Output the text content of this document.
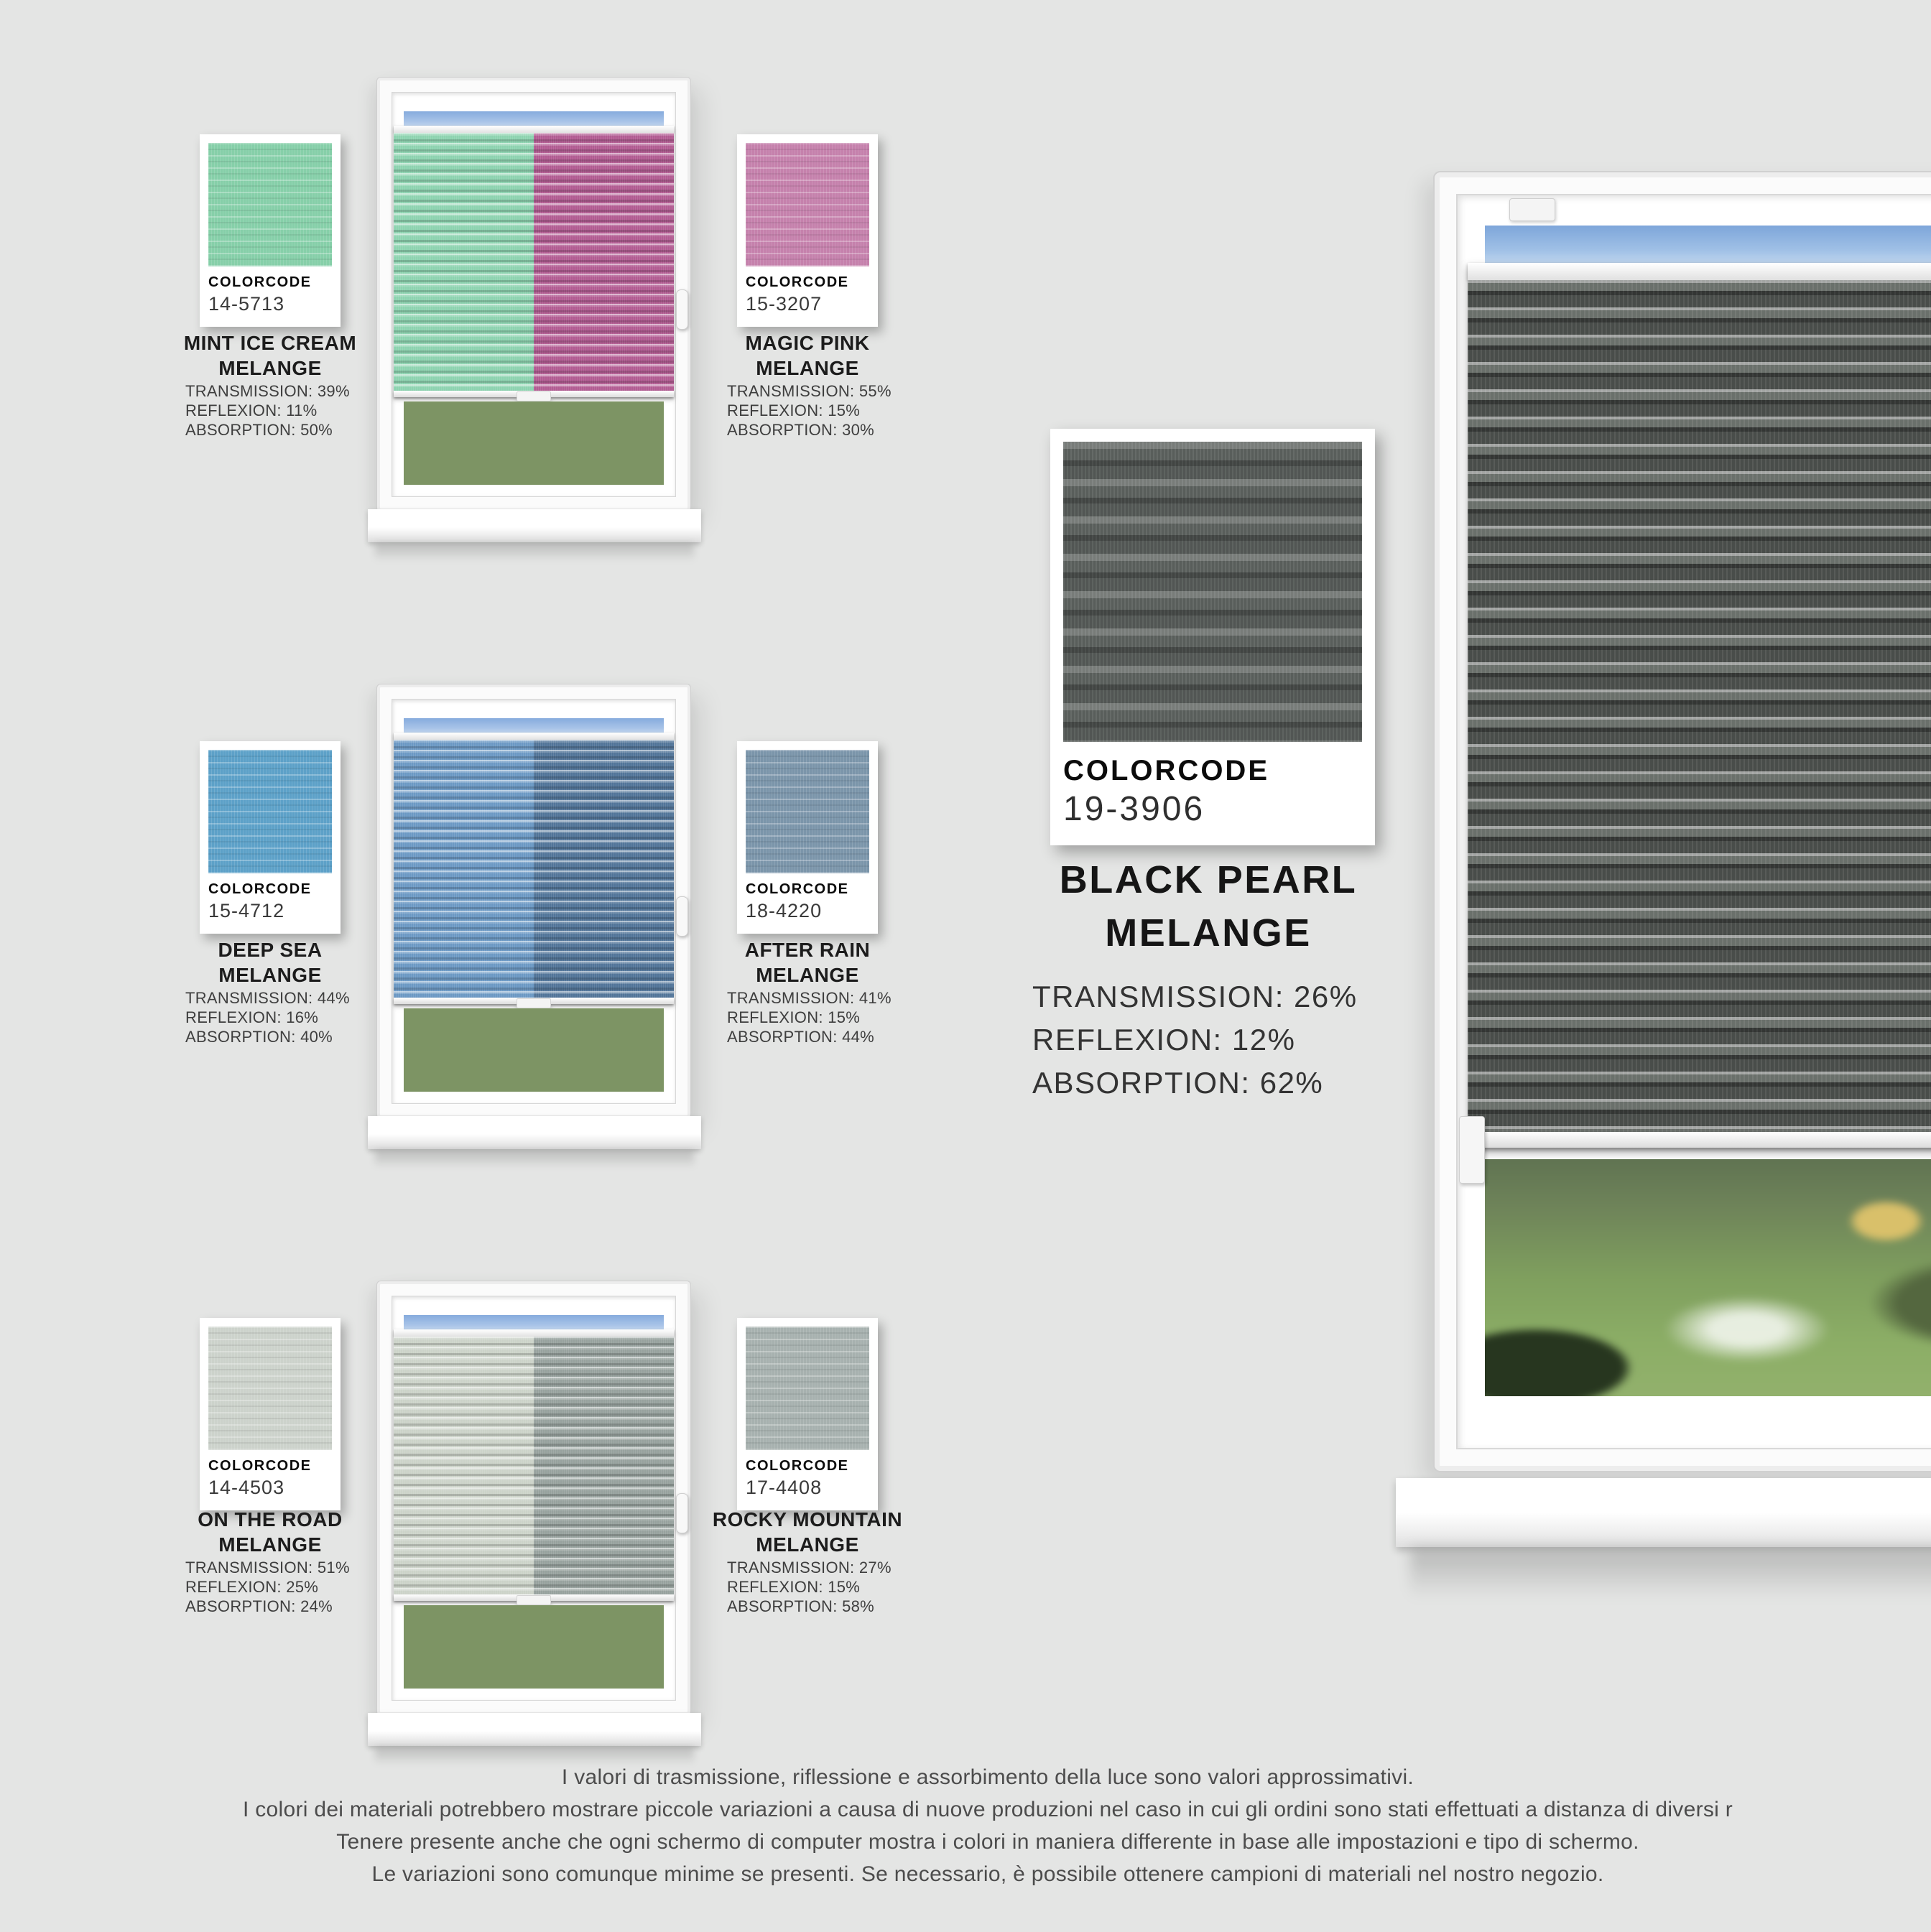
COLORCODE
14-5713
MINT ICE CREAM
MELANGE
TRANSMISSION: 39%
REFLEXION: 11%
ABSORPTION: 50%
COLORCODE
15-3207
MAGIC PINK
MELANGE
TRANSMISSION: 55%
REFLEXION: 15%
ABSORPTION: 30%
COLORCODE
15-4712
DEEP SEA
MELANGE
TRANSMISSION: 44%
REFLEXION: 16%
ABSORPTION: 40%
COLORCODE
18-4220
AFTER RAIN
MELANGE
TRANSMISSION: 41%
REFLEXION: 15%
ABSORPTION: 44%
COLORCODE
14-4503
ON THE ROAD
MELANGE
TRANSMISSION: 51%
REFLEXION: 25%
ABSORPTION: 24%
COLORCODE
17-4408
ROCKY MOUNTAIN
MELANGE
TRANSMISSION: 27%
REFLEXION: 15%
ABSORPTION: 58%
COLORCODE
19-3906
BLACK PEARL
MELANGE
TRANSMISSION: 26%
REFLEXION: 12%
ABSORPTION: 62%
I valori di trasmissione, riflessione e assorbimento della luce sono valori approssimativi.
I colori dei materiali potrebbero mostrare piccole variazioni a causa di nuove produzioni nel caso in cui gli ordini sono stati effettuati a distanza di diversi r
Tenere presente anche che ogni schermo di computer mostra i colori in maniera differente in base alle impostazioni e tipo di schermo.
Le variazioni sono comunque minime se presenti. Se necessario, è possibile ottenere campioni di materiali nel nostro negozio.
